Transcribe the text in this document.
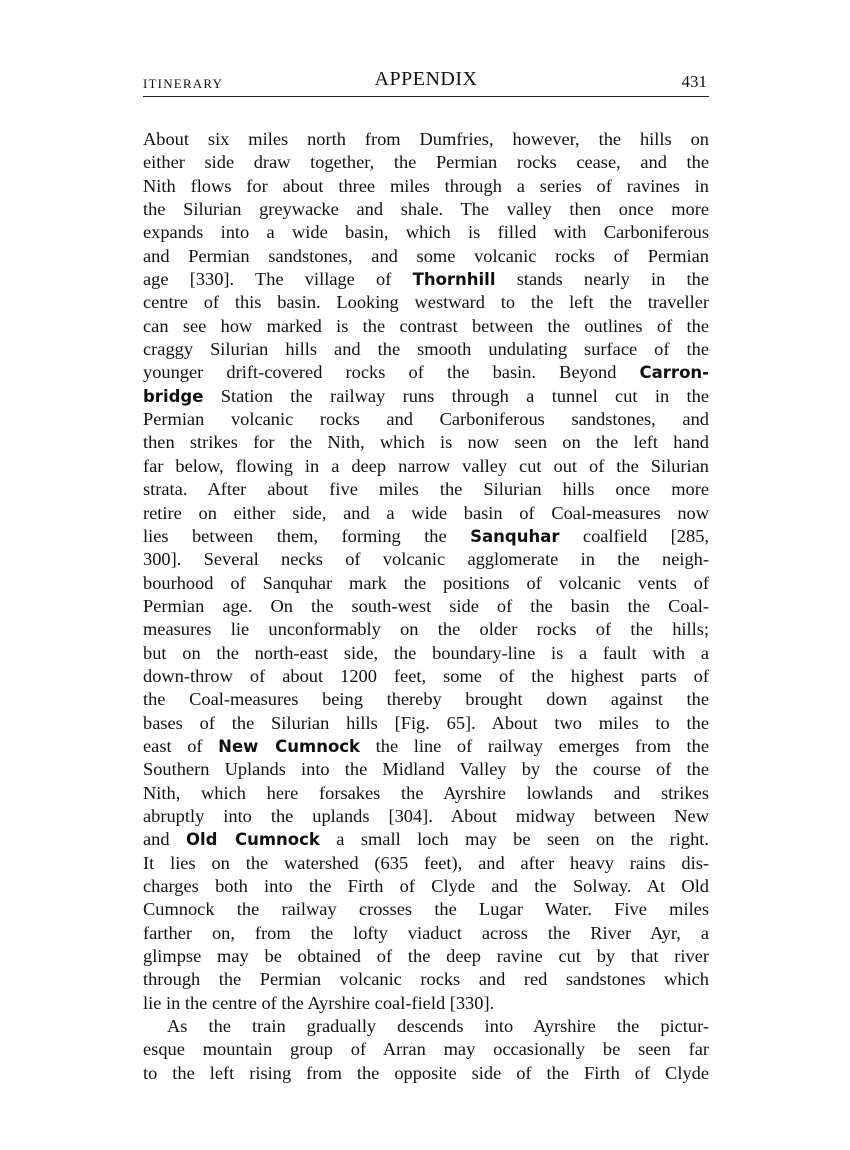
ITINERARY	APPENDIX	431
About six miles north from Dumfries, however, the hills on
either side draw together, the Permian rocks cease, and the
Nith flows for about three miles through a series of ravines in
the Silurian greywacke and shale. The valley then once more
expands into a wide basin, which is filled with Carboniferous
and Permian sandstones, and some volcanic rocks of Permian
age [330]. The village of Thornhill stands nearly in the
centre of this basin. Looking westward to the left the traveller
can see how marked is the contrast between the outlines of the
craggy Silurian hills and the smooth undulating surface of the
younger drift-covered rocks of the basin. Beyond Carron-
bridge Station the railway runs through a tunnel cut in the
Permian volcanic rocks and Carboniferous sandstones, and
then strikes for the Nith, which is now seen on the left hand
far below, flowing in a deep narrow valley cut out of the Silurian
strata. After about five miles the Silurian hills once more
retire on either side, and a wide basin of Coal-measures now
lies between them, forming the Sanquhar coalfield [285,
300]. Several necks of volcanic agglomerate in the neigh-
bourhood of Sanquhar mark the positions of volcanic vents of
Permian age. On the south-west side of the basin the Coal-
measures lie unconformably on the older rocks of the hills;
but on the north-east side, the boundary-line is a fault with a
down-throw of about 1200 feet, some of the highest parts of
the Coal-measures being thereby brought down against the
bases of the Silurian hills [Fig. 65]. About two miles to the
east of New Cumnock the line of railway emerges from the
Southern Uplands into the Midland Valley by the course of the
Nith, which here forsakes the Ayrshire lowlands and strikes
abruptly into the uplands [304]. About midway between New
and Old Cumnock a small loch may be seen on the right.
It lies on the watershed (635 feet), and after heavy rains dis-
charges both into the Firth of Clyde and the Solway. At Old
Cumnock the railway crosses the Lugar Water. Five miles
farther on, from the lofty viaduct across the River Ayr, a
glimpse may be obtained of the deep ravine cut by that river
through the Permian volcanic rocks and red sandstones which
lie in the centre of the Ayrshire coal-field [330].
As the train gradually descends into Ayrshire the pictur-
esque mountain group of Arran may occasionally be seen far
to the left rising from the opposite side of the Firth of Clyde
